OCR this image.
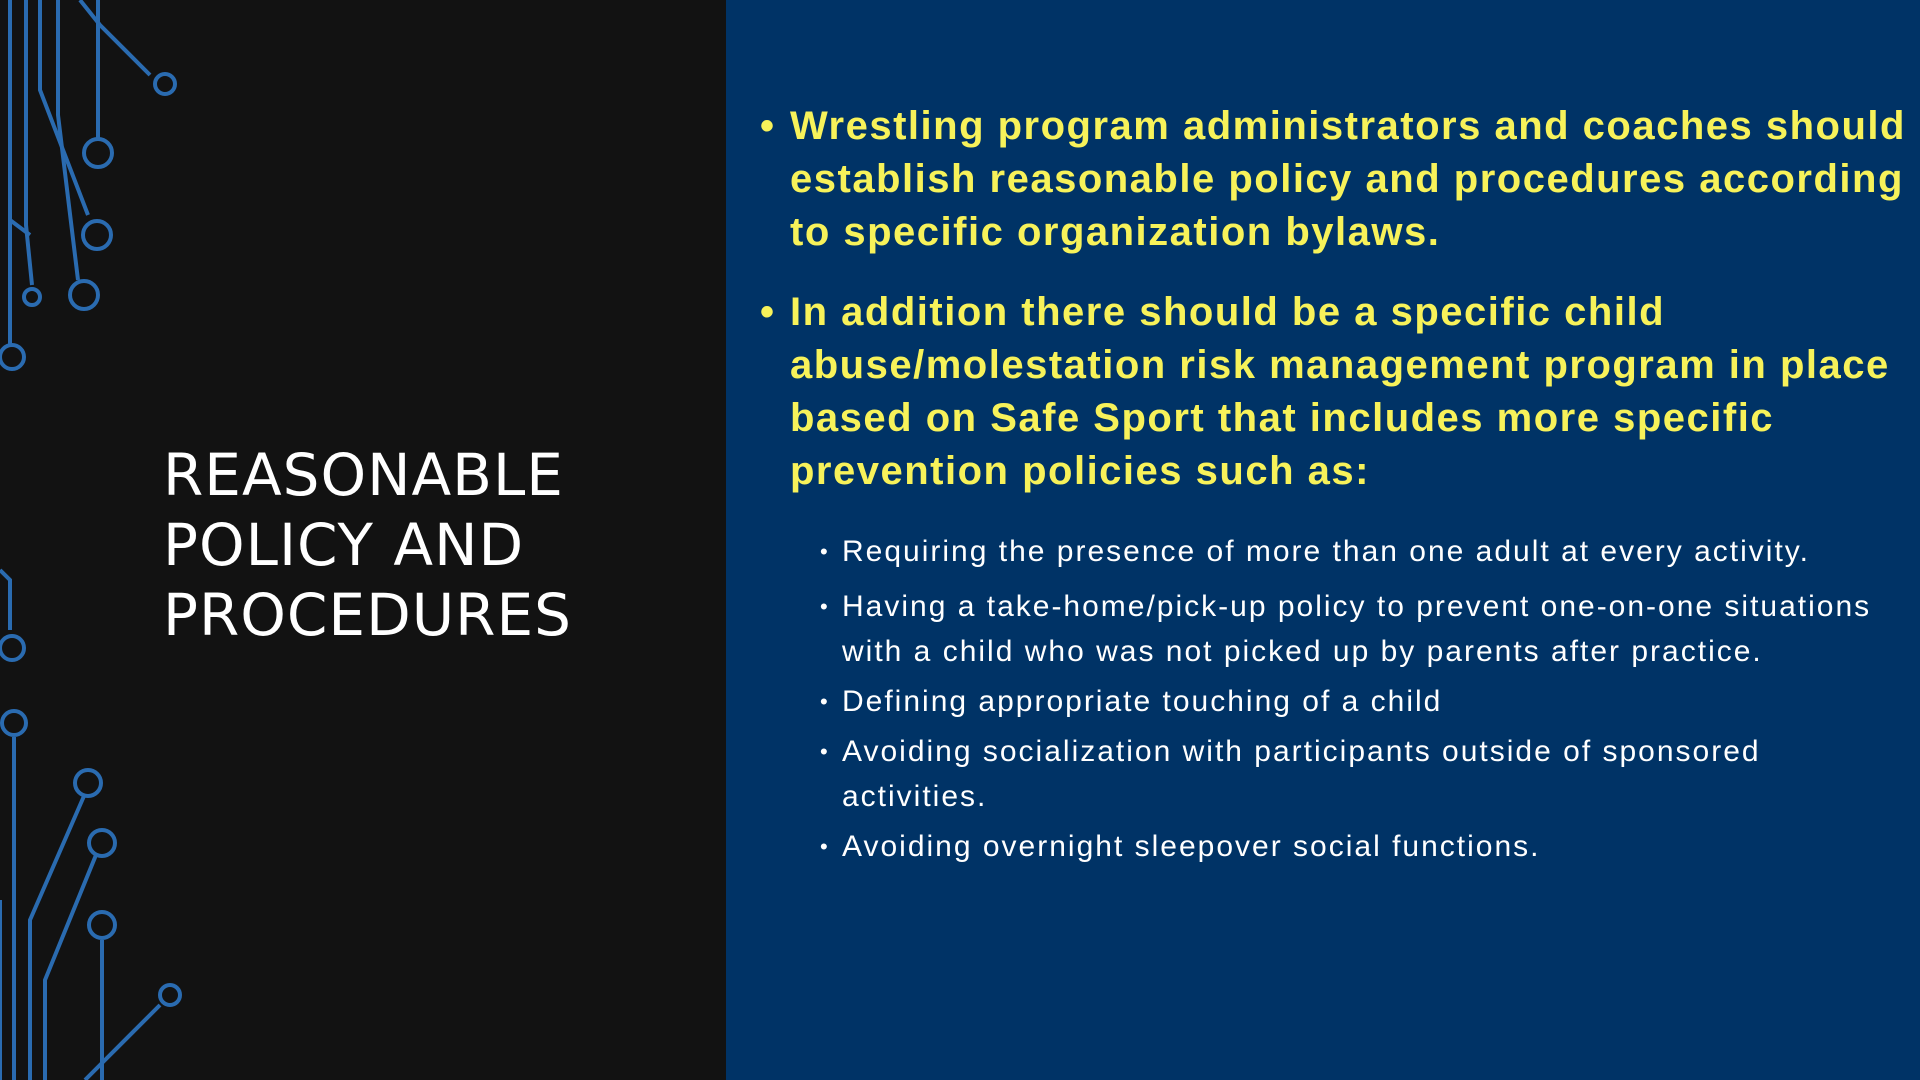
REASONABLE
POLICY AND
PROCEDURES
• Wrestling program administrators and coaches should establish reasonable policy and procedures according to specific organization bylaws.
• In addition there should be a specific child abuse/molestation risk management program in place based on Safe Sport that includes more specific prevention policies such as:
• Requiring the presence of more than one adult at every activity.
• Having a take-home/pick-up policy to prevent one-on-one situations with a child who was not picked up by parents after practice.
• Defining appropriate touching of a child
• Avoiding socialization with participants outside of sponsored activities.
• Avoiding overnight sleepover social functions.
